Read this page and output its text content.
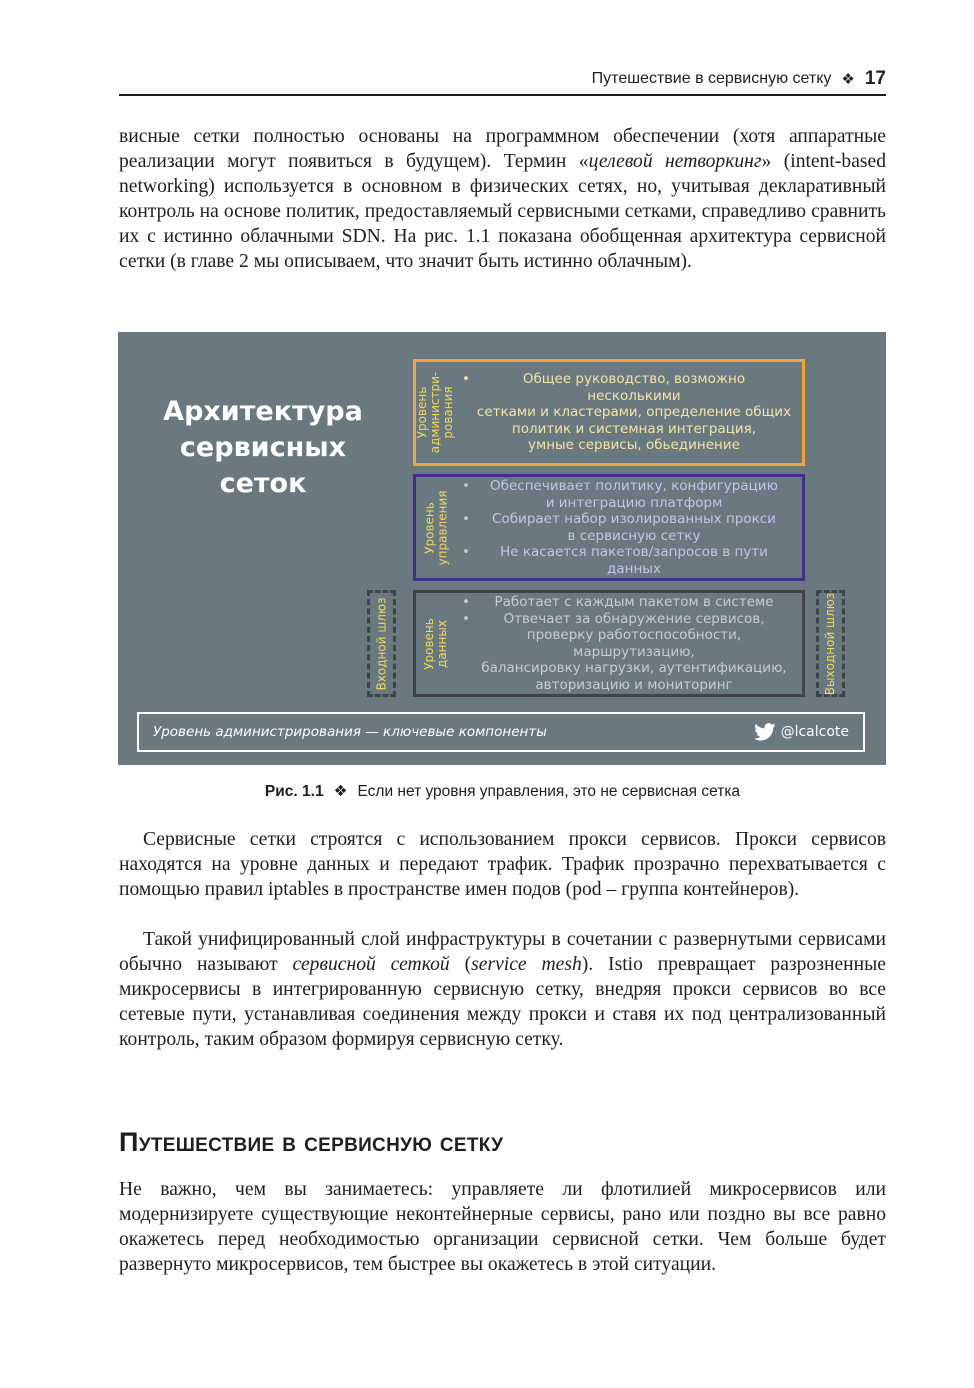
Путешествие в сервисную сетку ❖ 17

висные сетки полностью основаны на программном обеспечении (хотя аппаратные реализации могут появиться в будущем). Термин «целевой нетворкинг» (intent-based networking) используется в основном в физических сетях, но, учитывая декларативный контроль на основе политик, предоставляемый сервисными сетками, справедливо сравнить их с истинно облачными SDN. На рис. 1.1 показана обобщенная архитектура сервисной сетки (в главе 2 мы описываем, что значит быть истинно облачным).

Архитектура
сервисных сеток
Уровень администри-рования
•	Общее руководство, возможно несколькими
сетками и кластерами, определение общих
политик и системная интеграция,
умные сервисы, обьединение
Уровень управления
•	Обеспечивает политику, конфигурацию
и интеграцию платформ
•	Собирает набор изолированных прокси
в сервисную сетку
•	Не касается пакетов/запросов в пути данных
Входной шлюз	Уровень данных
•	Работает с каждым пакетом в системе
•	Отвечает за обнаружение сервисов,
проверку работоспособности, маршрутизацию,
балансировку нагрузки, аутентификацию,
авторизацию и мониторинг	Выходной шлюз
Уровень администрирования — ключевые компоненты	@lcalcote
Рис. 1.1 ❖ Если нет уровня управления, это не сервисная сетка

Сервисные сетки строятся с использованием прокси сервисов. Прокси сервисов находятся на уровне данных и передают трафик. Трафик прозрачно перехватывается с помощью правил iptables в пространстве имен подов (pod – группа контейнеров).

Такой унифицированный слой инфраструктуры в сочетании с развернутыми сервисами обычно называют сервисной сеткой (service mesh). Istio превращает разрозненные микросервисы в интегрированную сервисную сетку, внедряя прокси сервисов во все сетевые пути, устанавливая соединения между прокси и ставя их под централизованный контроль, таким образом формируя сервисную сетку.

Путешествие в сервисную сетку

Не важно, чем вы занимаетесь: управляете ли флотилией микросервисов или модернизируете существующие неконтейнерные сервисы, рано или поздно вы все равно окажетесь перед необходимостью организации сервисной сетки. Чем больше будет развернуто микросервисов, тем быстрее вы окажетесь в этой ситуации.
